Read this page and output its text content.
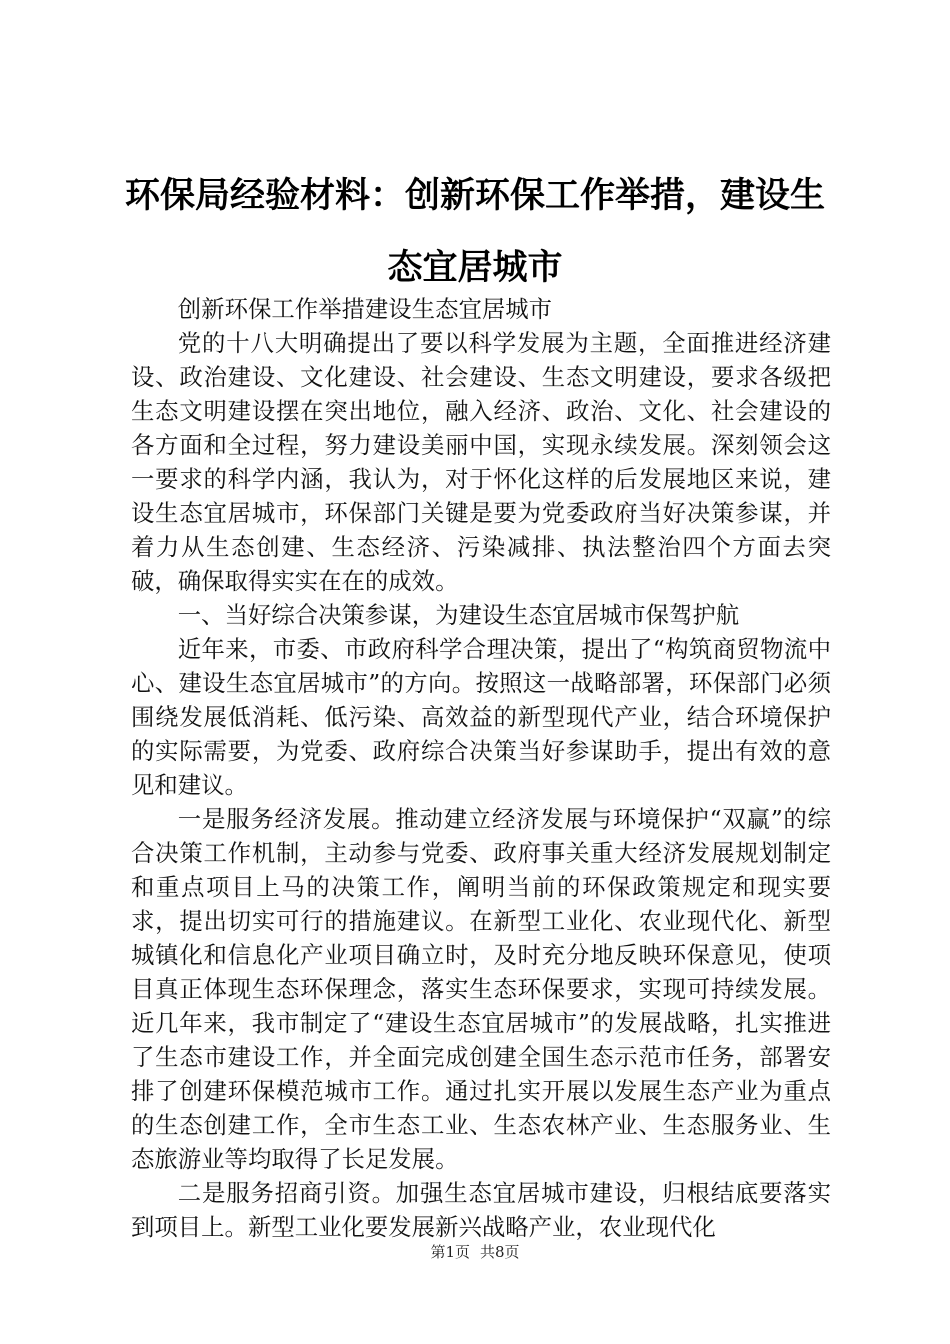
环保局经验材料：创新环保工作举措，建设生态宜居城市

创新环保工作举措建设生态宜居城市

党的十八大明确提出了要以科学发展为主题，全面推进经济建设、政治建设、文化建设、社会建设、生态文明建设，要求各级把生态文明建设摆在突出地位，融入经济、政治、文化、社会建设的各方面和全过程，努力建设美丽中国，实现永续发展。深刻领会这一要求的科学内涵，我认为，对于怀化这样的后发展地区来说，建设生态宜居城市，环保部门关键是要为党委政府当好决策参谋，并着力从生态创建、生态经济、污染减排、执法整治四个方面去突破，确保取得实实在在的成效。

一、当好综合决策参谋，为建设生态宜居城市保驾护航

近年来，市委、市政府科学合理决策，提出了“构筑商贸物流中心、建设生态宜居城市”的方向。按照这一战略部署，环保部门必须围绕发展低消耗、低污染、高效益的新型现代产业，结合环境保护的实际需要，为党委、政府综合决策当好参谋助手，提出有效的意见和建议。

一是服务经济发展。推动建立经济发展与环境保护“双赢”的综合决策工作机制，主动参与党委、政府事关重大经济发展规划制定和重点项目上马的决策工作，阐明当前的环保政策规定和现实要求，提出切实可行的措施建议。在新型工业化、农业现代化、新型城镇化和信息化产业项目确立时，及时充分地反映环保意见，使项目真正体现生态环保理念，落实生态环保要求，实现可持续发展。近几年来，我市制定了“建设生态宜居城市”的发展战略，扎实推进了生态市建设工作，并全面完成创建全国生态示范市任务，部署安排了创建环保模范城市工作。通过扎实开展以发展生态产业为重点的生态创建工作，全市生态工业、生态农林产业、生态服务业、生态旅游业等均取得了长足发展。

二是服务招商引资。加强生态宜居城市建设，归根结底要落实到项目上。新型工业化要发展新兴战略产业，农业现代化

第1页 共8页
